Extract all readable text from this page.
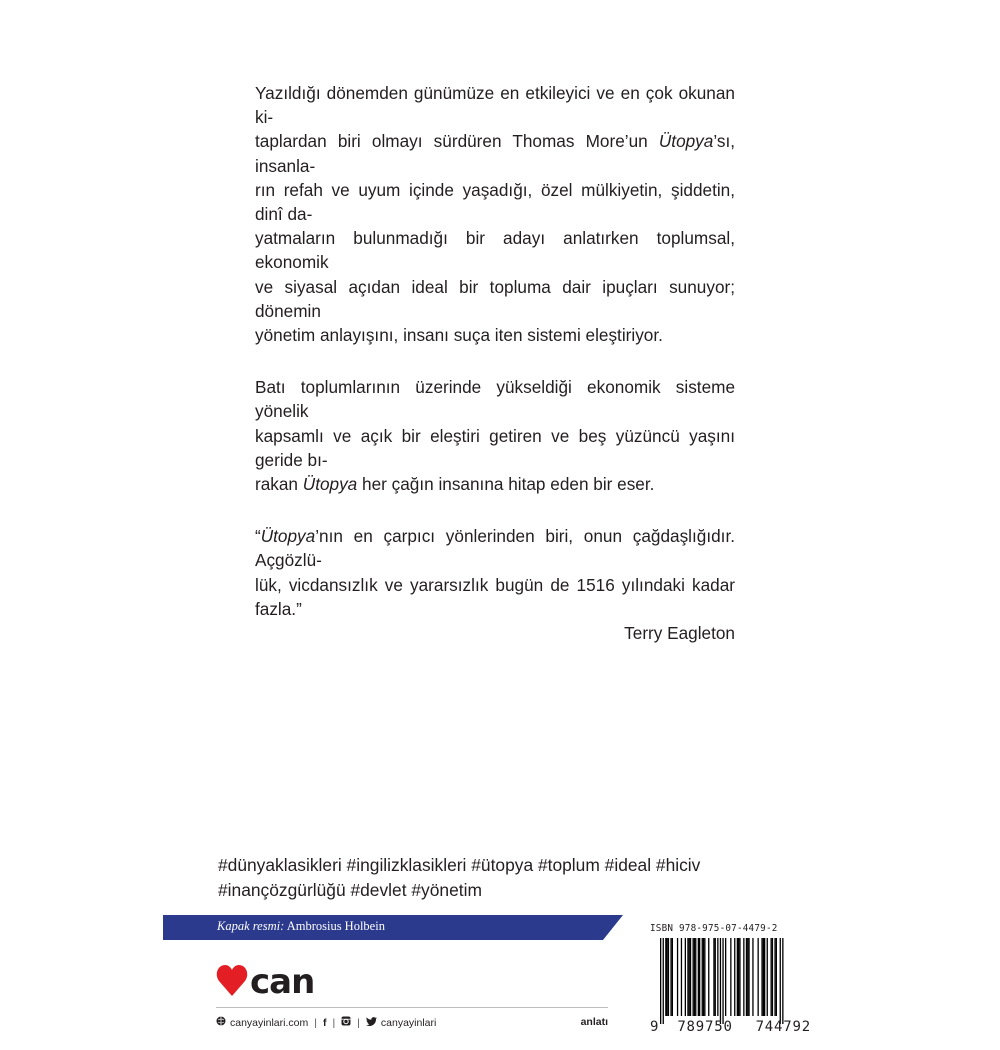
Yazıldığı dönemden günümüze en etkileyici ve en çok okunan ki-
taplardan biri olmayı sürdüren Thomas More’un Ütopya’sı, insanla-
rın refah ve uyum içinde yaşadığı, özel mülkiyetin, şiddetin, dinî da-
yatmaların bulunmadığı bir adayı anlatırken toplumsal, ekonomik
ve siyasal açıdan ideal bir topluma dair ipuçları sunuyor; dönemin
yönetim anlayışını, insanı suça iten sistemi eleştiriyor.

Batı toplumlarının üzerinde yükseldiği ekonomik sisteme yönelik
kapsamlı ve açık bir eleştiri getiren ve beş yüzüncü yaşını geride bı-
rakan Ütopya her çağın insanına hitap eden bir eser.

“Ütopya’nın en çarpıcı yönlerinden biri, onun çağdaşlığıdır. Açgözlü-
lük, vicdansızlık ve yararsızlık bugün de 1516 yılındaki kadar fazla.”
Terry Eagleton

#dünyaklasikleri #ingilizklasikleri #ütopya #toplum #ideal #hiciv
#inançözgürlüğü #devlet #yönetim
Kapak resmi: Ambrosius Holbein
can
canyayinlari.com | f | | canyayinlari	anlatı
ISBN 978-975-07-4479-2
9 789750 744792
